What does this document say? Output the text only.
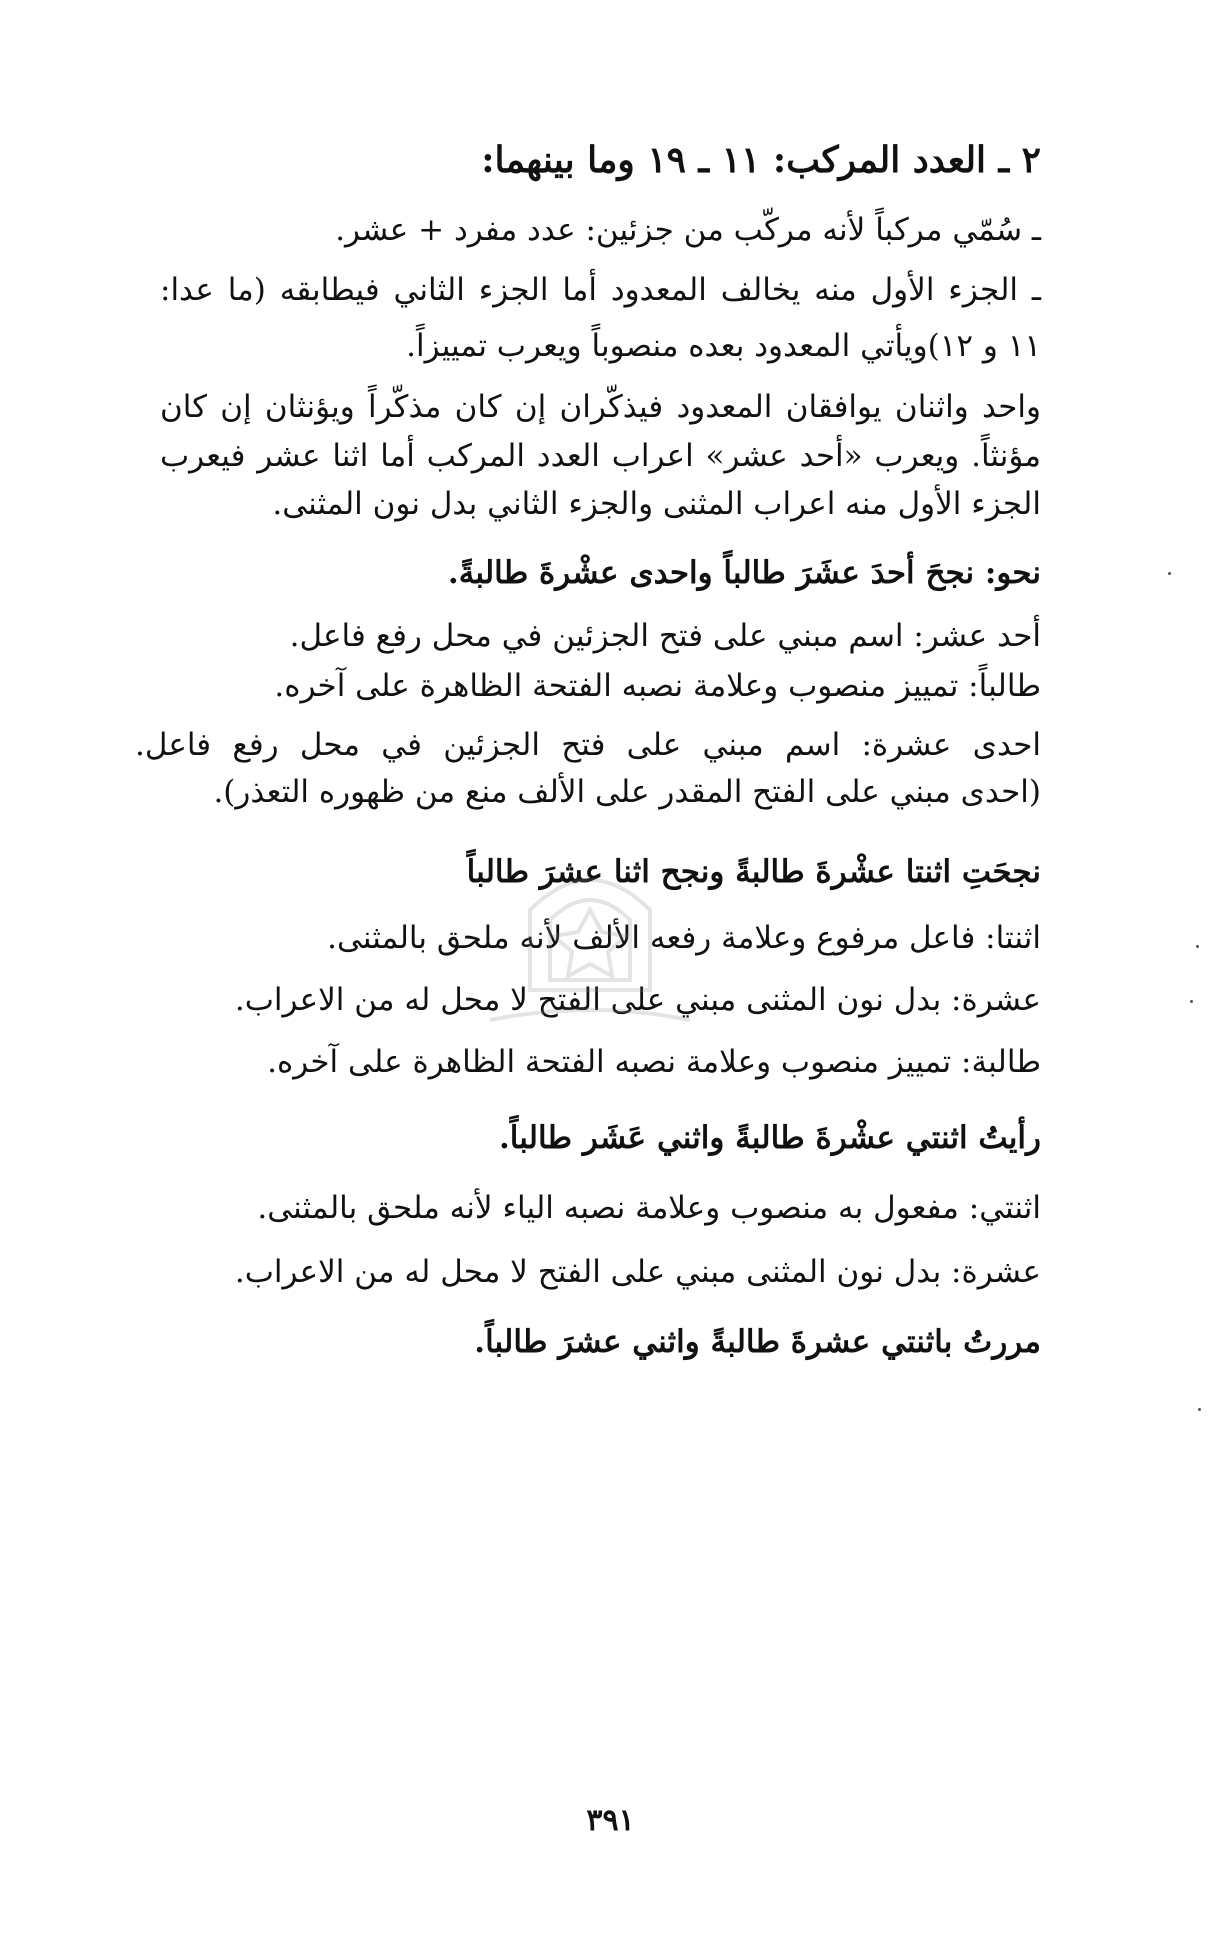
٢ ـ العدد المركب: ١١ ـ ١٩ وما بينهما:
ـ سُمّي مركباً لأنه مركّب من جزئين: عدد مفرد + عشر.
ـ الجزء الأول منه يخالف المعدود أما الجزء الثاني فيطابقه (ما عدا:
١١ و ١٢)ويأتي المعدود بعده منصوباً ويعرب تمييزاً.
واحد واثنان يوافقان المعدود فيذكّران إن كان مذكّراً ويؤنثان إن كان
مؤنثاً. ويعرب «أحد عشر» اعراب العدد المركب أما اثنا عشر فيعرب
الجزء الأول منه اعراب المثنى والجزء الثاني بدل نون المثنى.
نحو: نجحَ أحدَ عشَرَ طالباً واحدى عشْرةَ طالبةً.
أحد عشر: اسم مبني على فتح الجزئين في محل رفع فاعل.
طالباً: تمييز منصوب وعلامة نصبه الفتحة الظاهرة على آخره.
احدى عشرة: اسم مبني على فتح الجزئين في محل رفع فاعل.
(احدى مبني على الفتح المقدر على الألف منع من ظهوره التعذر).
نجحَتِ اثنتا عشْرةَ طالبةً ونجح اثنا عشرَ طالباً
اثنتا: فاعل مرفوع وعلامة رفعه الألف لأنه ملحق بالمثنى.
عشرة: بدل نون المثنى مبني على الفتح لا محل له من الاعراب.
طالبة: تمييز منصوب وعلامة نصبه الفتحة الظاهرة على آخره.
رأيتُ اثنتي عشْرةَ طالبةً واثني عَشَر طالباً.
اثنتي: مفعول به منصوب وعلامة نصبه الياء لأنه ملحق بالمثنى.
عشرة: بدل نون المثنى مبني على الفتح لا محل له من الاعراب.
مررتُ باثنتي عشرةَ طالبةً واثني عشرَ طالباً.
٣٩١
